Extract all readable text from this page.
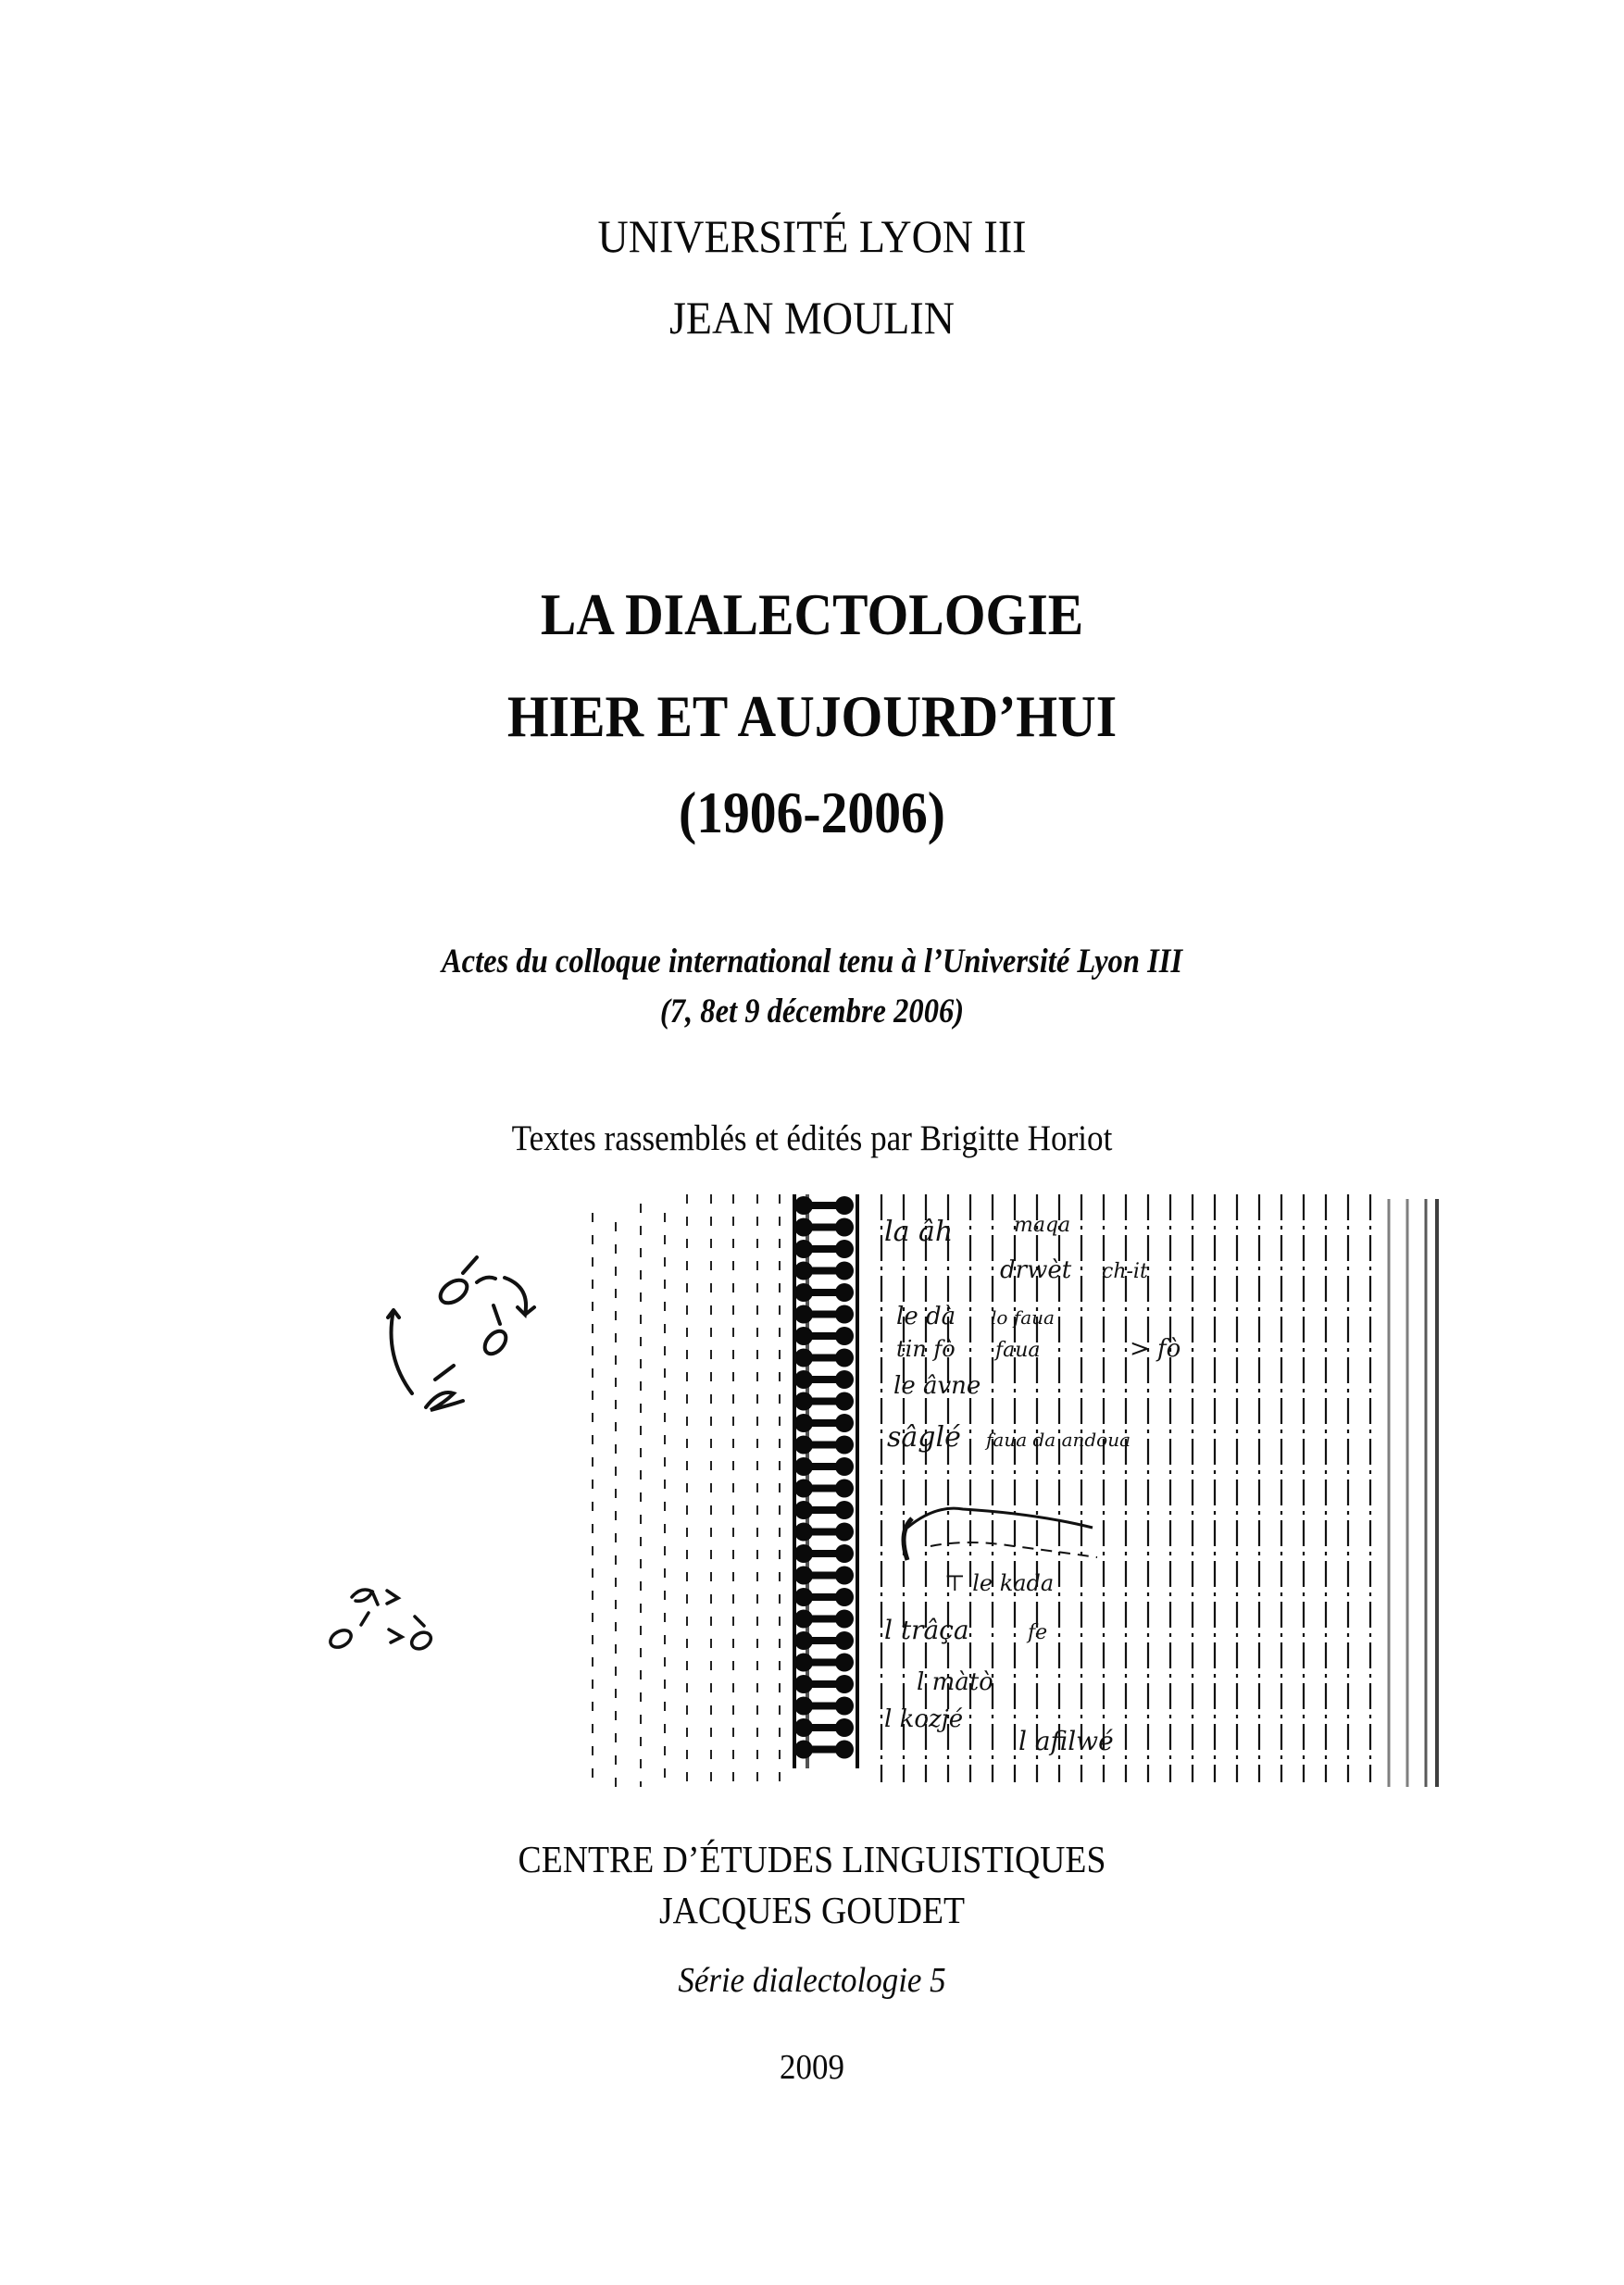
UNIVERSITÉ LYON III
JEAN MOULIN
LA DIALECTOLOGIE
HIER ET AUJOURD’HUI
(1906-2006)
Actes du colloque international tenu à l’Université Lyon III
(7, 8et 9 décembre 2006)
Textes rassemblés et édités par Brigitte Horiot
la âh	maqa
drwèt ch-it
le dà lo faua
tin fò faua	> fò
le âvne
sâglé faua da andoua
⊤ le kada
l trâça	fe
l màtò
l kozjé
l afilwé
CENTRE D’ÉTUDES LINGUISTIQUES
JACQUES GOUDET
Série dialectologie 5
2009
